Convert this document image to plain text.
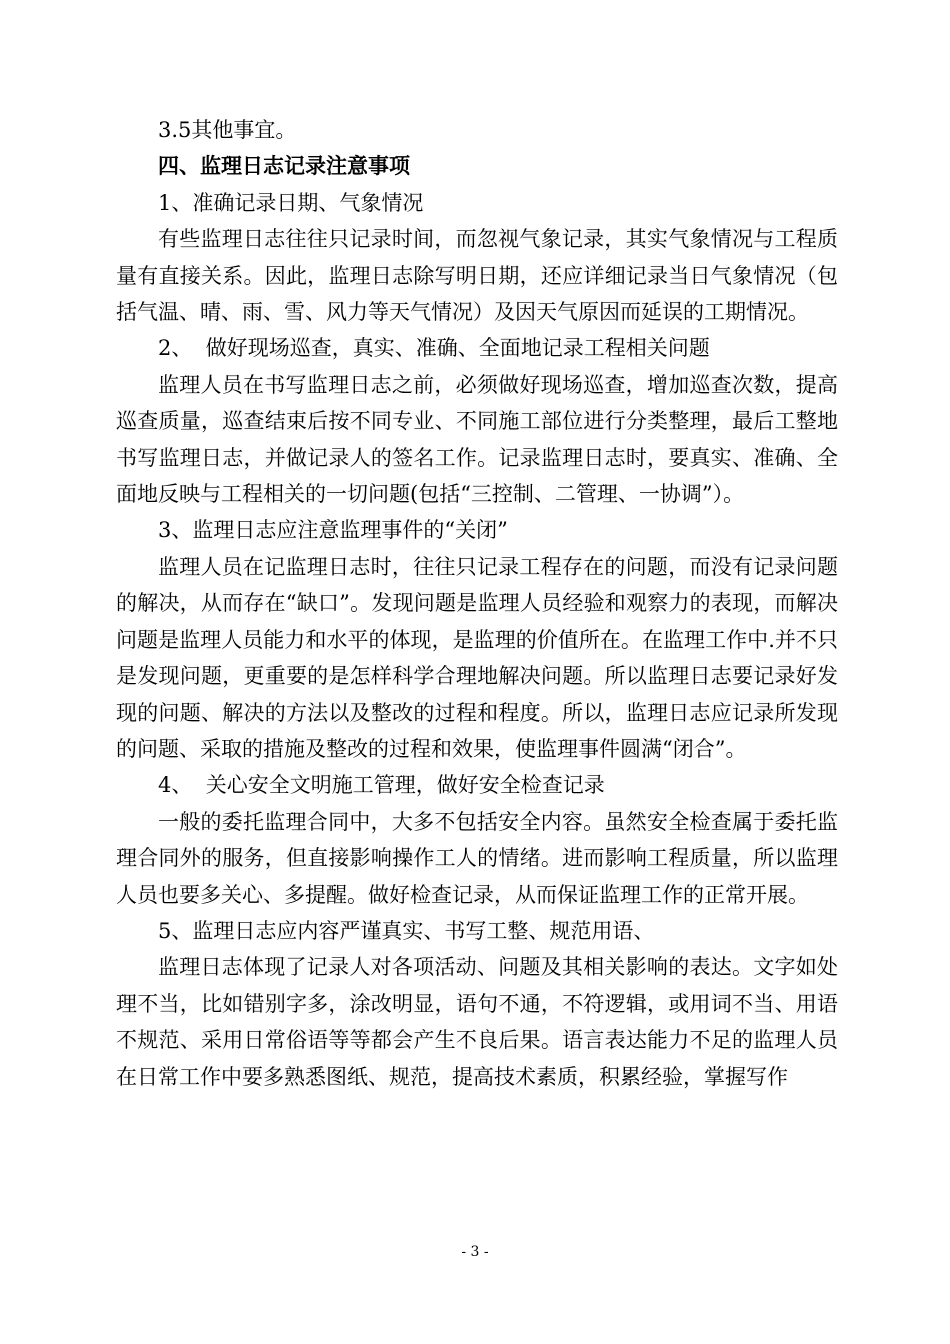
3.5其他事宜。

四、监理日志记录注意事项

1、准确记录日期、气象情况

有些监理日志往往只记录时间，而忽视气象记录，其实气象情况与工程质量有直接关系。因此，监理日志除写明日期，还应详细记录当日气象情况（包括气温、晴、雨、雪、风力等天气情况）及因天气原因而延误的工期情况。

2、  做好现场巡查，真实、准确、全面地记录工程相关问题

监理人员在书写监理日志之前，必须做好现场巡查，增加巡查次数，提高巡查质量，巡查结束后按不同专业、不同施工部位进行分类整理，最后工整地书写监理日志，并做记录人的签名工作。记录监理日志时，要真实、准确、全面地反映与工程相关的一切问题(包括“三控制、二管理、一协调”）。

3、监理日志应注意监理事件的“关闭”

监理人员在记监理日志时，往往只记录工程存在的问题，而没有记录问题的解决，从而存在“缺口”。发现问题是监理人员经验和观察力的表现，而解决问题是监理人员能力和水平的体现，是监理的价值所在。在监理工作中.并不只是发现问题，更重要的是怎样科学合理地解决问题。所以监理日志要记录好发现的问题、解决的方法以及整改的过程和程度。所以，监理日志应记录所发现的问题、采取的措施及整改的过程和效果，使监理事件圆满“闭合”。

4、  关心安全文明施工管理，做好安全检查记录

一般的委托监理合同中，大多不包括安全内容。虽然安全检查属于委托监理合同外的服务，但直接影响操作工人的情绪。进而影响工程质量，所以监理人员也要多关心、多提醒。做好检查记录，从而保证监理工作的正常开展。

5、监理日志应内容严谨真实、书写工整、规范用语、

监理日志体现了记录人对各项活动、问题及其相关影响的表达。文字如处理不当，比如错别字多，涂改明显，语句不通，不符逻辑，或用词不当、用语不规范、采用日常俗语等等都会产生不良后果。语言表达能力不足的监理人员在日常工作中要多熟悉图纸、规范，提高技术素质，积累经验，掌握写作

- 3 -
